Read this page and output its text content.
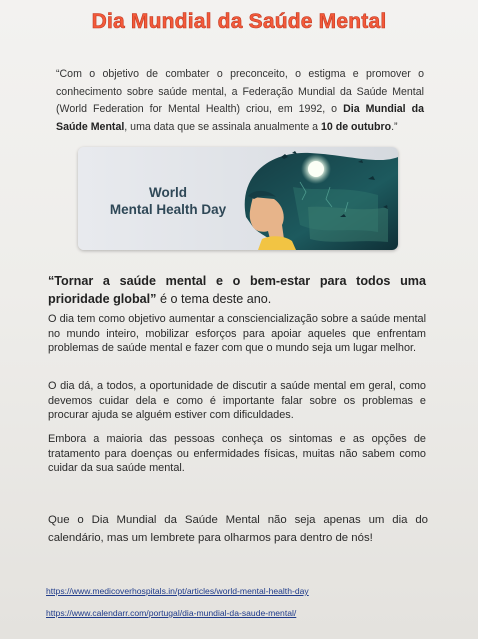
Dia Mundial da Saúde Mental
“Com o objetivo de combater o preconceito, o estigma e promover o conhecimento sobre saúde mental, a Federação Mundial da Saúde Mental (World Federation for Mental Health) criou, em 1992, o Dia Mundial da Saúde Mental, uma data que se assinala anualmente a 10 de outubro.”
World
Mental Health Day
“Tornar a saúde mental e o bem-estar para todos uma prioridade global” é o tema deste ano.
O dia tem como objetivo aumentar a consciencialização sobre a saúde mental no mundo inteiro, mobilizar esforços para apoiar aqueles que enfrentam problemas de saúde mental e fazer com que o mundo seja um lugar melhor.
O dia dá, a todos, a oportunidade de discutir a saúde mental em geral, como devemos cuidar dela e como é importante falar sobre os problemas e procurar ajuda se alguém estiver com dificuldades.
Embora a maioria das pessoas conheça os sintomas e as opções de tratamento para doenças ou enfermidades físicas, muitas não sabem como cuidar da sua saúde mental.
Que o Dia Mundial da Saúde Mental não seja apenas um dia do calendário, mas um lembrete para olharmos para dentro de nós!
https://www.medicoverhospitals.in/pt/articles/world-mental-health-day
https://www.calendarr.com/portugal/dia-mundial-da-saude-mental/
